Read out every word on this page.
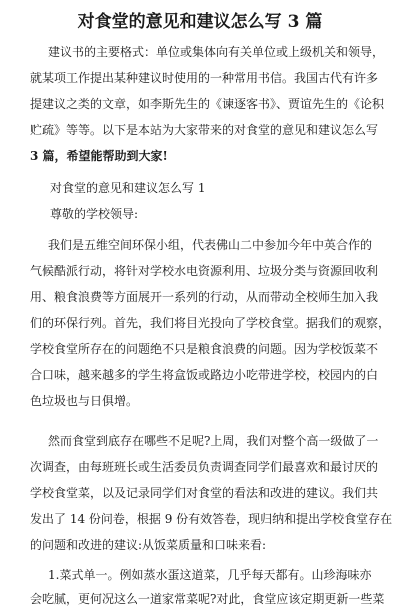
对食堂的意见和建议怎么写 3 篇
建议书的主要格式：单位或集体向有关单位或上级机关和领导，
就某项工作提出某种建议时使用的一种常用书信。我国古代有许多
提建议之类的文章，如李斯先生的《谏逐客书》、贾谊先生的《论积
贮疏》等等。以下是本站为大家带来的对食堂的意见和建议怎么写
3 篇，希望能帮助到大家!
对食堂的意见和建议怎么写 1
尊敬的学校领导:
我们是五维空间环保小组，代表佛山二中参加今年中英合作的
气候酷派行动，将针对学校水电资源利用、垃圾分类与资源回收利
用、粮食浪费等方面展开一系列的行动，从而带动全校师生加入我
们的环保行列。首先，我们将目光投向了学校食堂。据我们的观察，
学校食堂所存在的问题绝不只是粮食浪费的问题。因为学校饭菜不
合口味，越来越多的学生将盒饭或路边小吃带进学校，校园内的白
色垃圾也与日俱增。
然而食堂到底存在哪些不足呢?上周，我们对整个高一级做了一
次调查，由每班班长或生活委员负责调查同学们最喜欢和最讨厌的
学校食堂菜，以及记录同学们对食堂的看法和改进的建议。我们共
发出了 14 份问卷，根据 9 份有效答卷，现归纳和提出学校食堂存在
的问题和改进的建议:从饭菜质量和口味来看:
1.菜式单一。例如蒸水蛋这道菜，几乎每天都有。山珍海味亦
会吃腻，更何况这么一道家常菜呢?对此，食堂应该定期更新一些菜
